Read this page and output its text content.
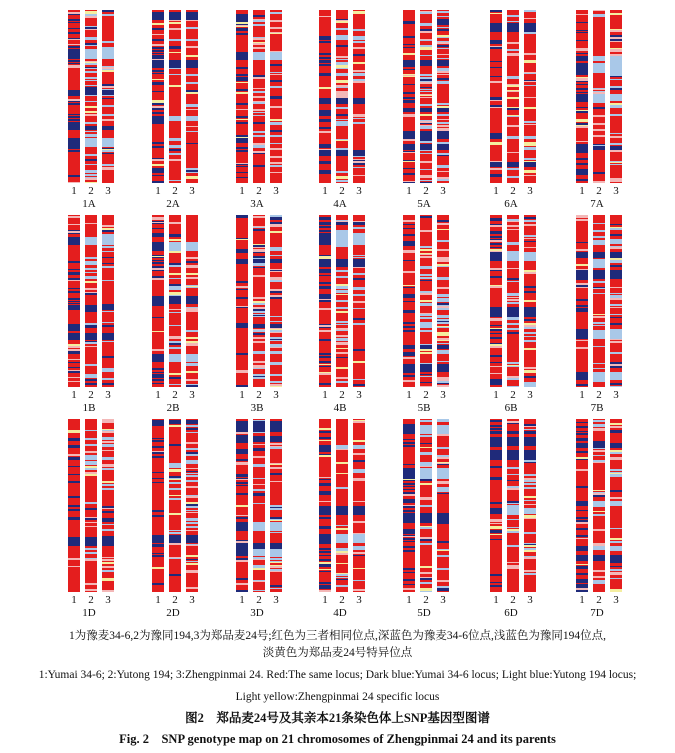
1	2	3
1A
1	2	3
2A
1	2	3
3A
1	2	3
4A
1	2	3
5A
1	2	3
6A
1	2	3
7A
1	2	3
1B
1	2	3
2B
1	2	3
3B
1	2	3
4B
1	2	3
5B
1	2	3
6B
1	2	3
7B
1	2	3
1D
1	2	3
2D
1	2	3
3D
1	2	3
4D
1	2	3
5D
1	2	3
6D
1	2	3
7D
1为豫麦34-6,2为豫同194,3为郑品麦24号;红色为三者相同位点,深蓝色为豫麦34-6位点,浅蓝色为豫同194位点,
淡黄色为郑品麦24号特异位点
1:Yumai 34-6; 2:Yutong 194; 3:Zhengpinmai 24. Red:The same locus; Dark blue:Yumai 34-6 locus; Light blue:Yutong 194 locus;
Light yellow:Zhengpinmai 24 specific locus
图2　郑品麦24号及其亲本21条染色体上SNP基因型图谱
Fig. 2　SNP genotype map on 21 chromosomes of Zhengpinmai 24 and its parents
